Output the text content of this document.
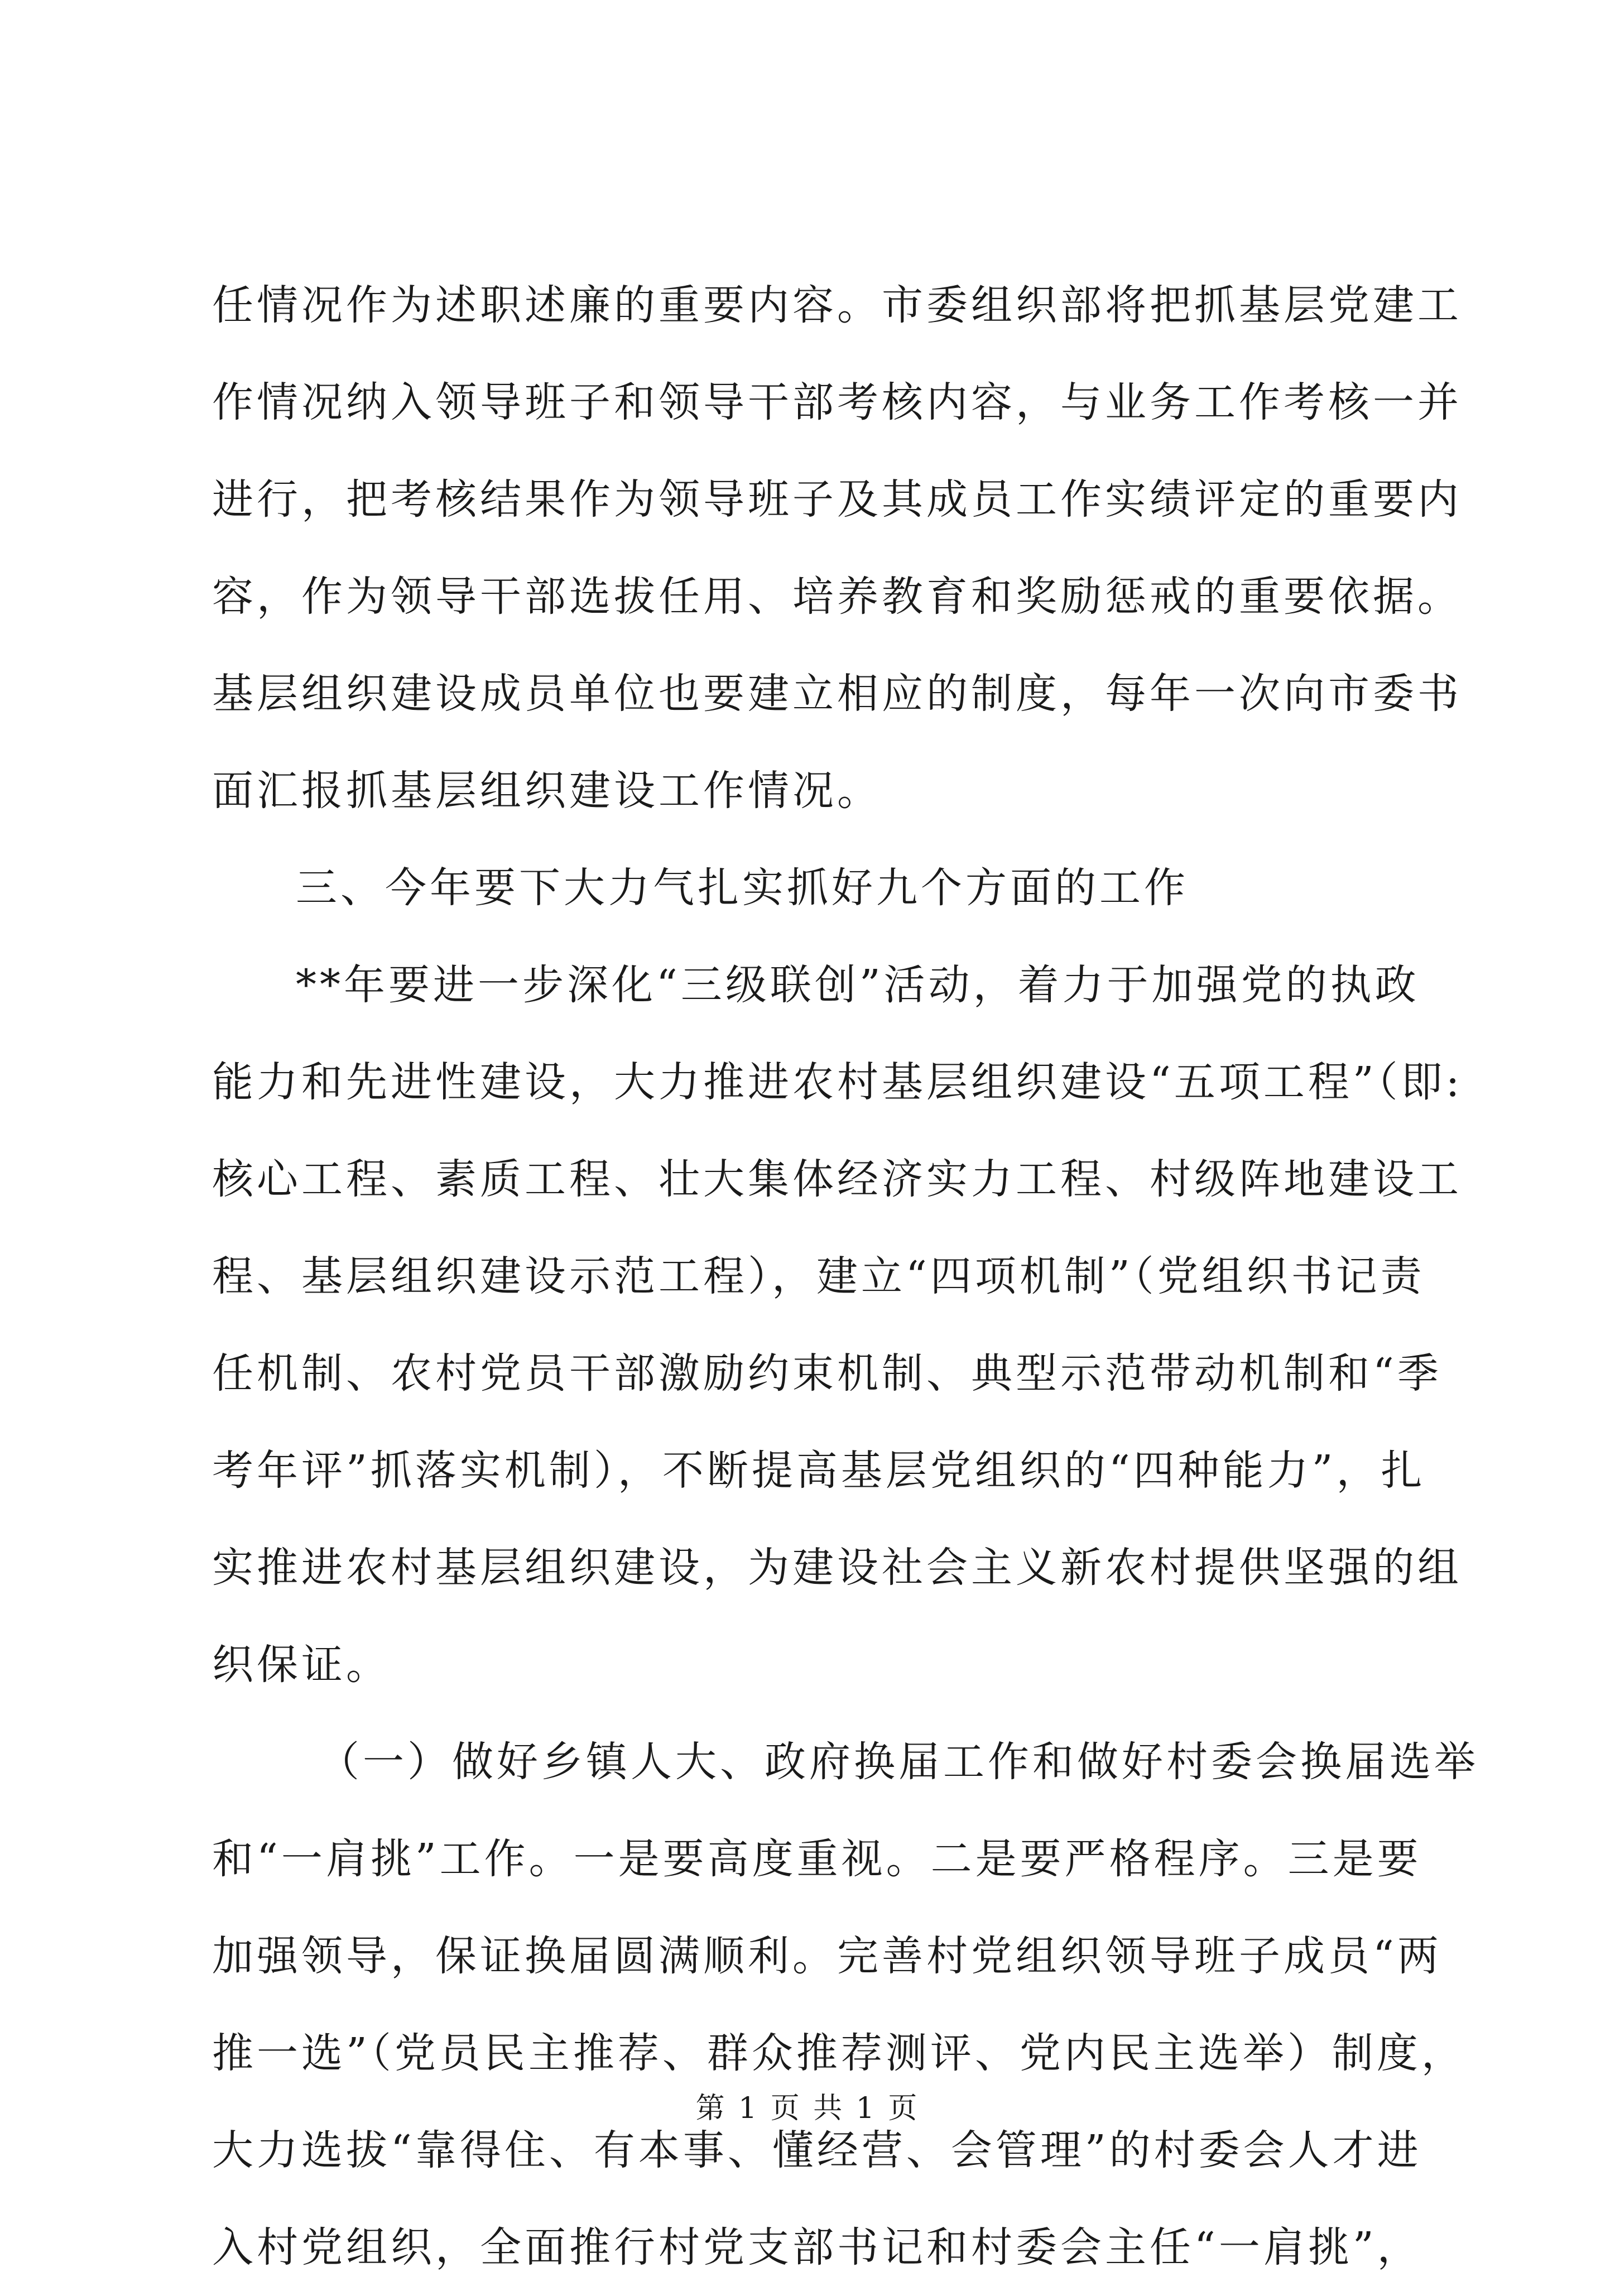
任情况作为述职述廉的重要内容。市委组织部将把抓基层党建工
作情况纳入领导班子和领导干部考核内容，与业务工作考核一并
进行，把考核结果作为领导班子及其成员工作实绩评定的重要内
容，作为领导干部选拔任用、培养教育和奖励惩戒的重要依据。
基层组织建设成员单位也要建立相应的制度，每年一次向市委书
面汇报抓基层组织建设工作情况。
三、今年要下大力气扎实抓好九个方面的工作
**年要进一步深化“三级联创”活动，着力于加强党的执政
能力和先进性建设，大力推进农村基层组织建设“五项工程”（即:
核心工程、素质工程、壮大集体经济实力工程、村级阵地建设工
程、基层组织建设示范工程），建立“四项机制”（党组织书记责
任机制、农村党员干部激励约束机制、典型示范带动机制和“季
考年评”抓落实机制），不断提高基层党组织的“四种能力”，扎
实推进农村基层组织建设，为建设社会主义新农村提供坚强的组
织保证。
（一）做好乡镇人大、政府换届工作和做好村委会换届选举
和“一肩挑”工作。一是要高度重视。二是要严格程序。三是要
加强领导，保证换届圆满顺利。完善村党组织领导班子成员“两
推一选”（党员民主推荐、群众推荐测评、党内民主选举）制度，
大力选拔“靠得住、有本事、懂经营、会管理”的村委会人才进
入村党组织，全面推行村党支部书记和村委会主任“一肩挑”，
第 1 页 共 1 页
